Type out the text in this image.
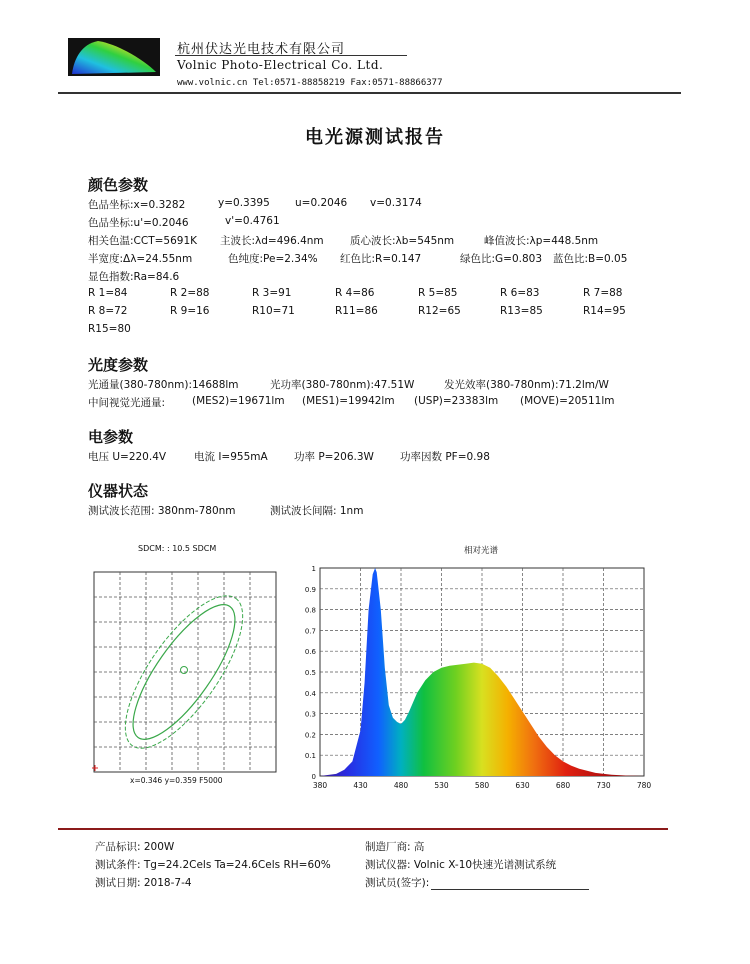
杭州伏达光电技术有限公司
Volnic Photo-Electrical Co. Ltd.
www.volnic.cn Tel:0571-88858219 Fax:0571-88866377
电光源测试报告
颜色参数
色品坐标:x=0.3282	y=0.3395 u=0.2046 v=0.3174
色品坐标:u'=0.2046	v'=0.4761
相关色温:CCT=5691K 主波长:λd=496.4nm	质心波长:λb=545nm	峰值波长:λp=448.5nm
半宽度:Δλ=24.55nm	色纯度:Pe=2.34% 红色比:R=0.147	绿色比:G=0.803 蓝色比:B=0.05
显色指数:Ra=84.6
R 1=84	R 2=88	R 3=91	R 4=86	R 5=85	R 6=83	R 7=88
R 8=72	R 9=16	R10=71	R11=86	R12=65	R13=85	R14=95
R15=80
光度参数
光通量(380-780nm):14688lm	光功率(380-780nm):47.51W	发光效率(380-780nm):71.2lm/W
中间视觉光通量:	(MES2)=19671lm (MES1)=19942lm (USP)=23383lm (MOVE)=20511lm
电参数
电压 U=220.4V	电流 I=955mA	功率 P=206.3W 功率因数 PF=0.98
仪器状态
测试波长范围: 380nm-780nm	测试波长间隔: 1nm
SDCM: : 10.5 SDCM
x=0.346 y=0.359 F5000
相对光谱
380	430	480	530	580	630	680	730	780
0
0.1
0.2
0.3
0.4
0.5
0.6
0.7
0.8
0.9
1
产品标识: 200W	制造厂商: 高
测试条件: Tg=24.2Cels Ta=24.6Cels RH=60%	测试仪器: Volnic X-10快速光谱测试系统
测试日期: 2018-7-4	测试员(签字):
